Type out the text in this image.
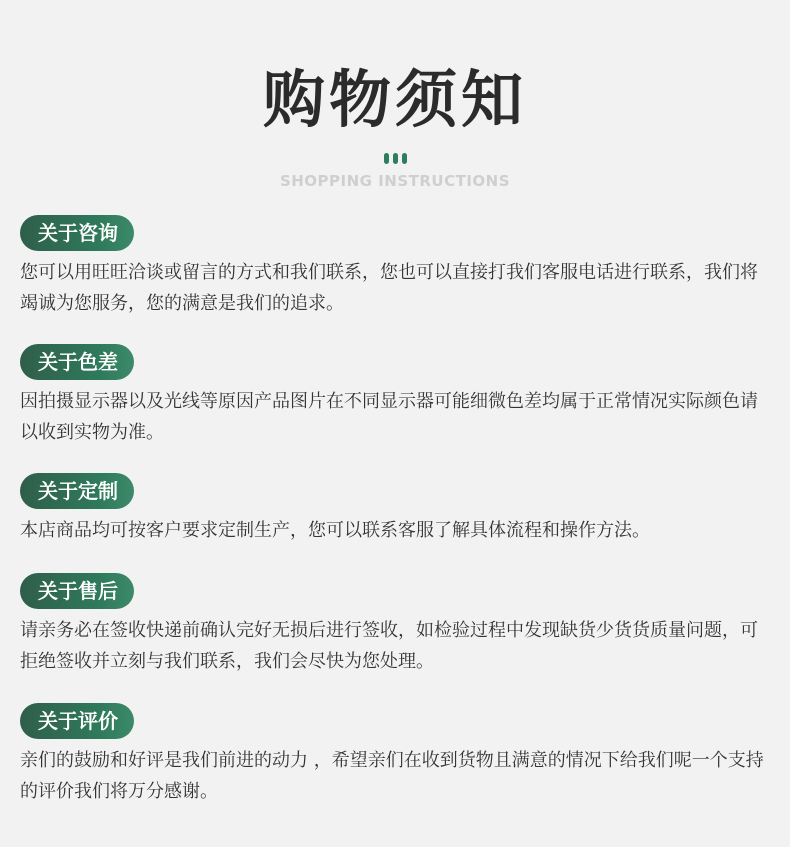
购物须知
SHOPPING INSTRUCTIONS
关于咨询
您可以用旺旺洽谈或留言的方式和我们联系，您也可以直接打我们客服电话进行联系，我们将竭诚为您服务，您的满意是我们的追求。
关于色差
因拍摄显示器以及光线等原因产品图片在不同显示器可能细微色差均属于正常情况实际颜色请以收到实物为准。
关于定制
本店商品均可按客户要求定制生产，您可以联系客服了解具体流程和操作方法。
关于售后
请亲务必在签收快递前确认完好无损后进行签收，如检验过程中发现缺货少货货质量问题，可拒绝签收并立刻与我们联系，我们会尽快为您处理。
关于评价
亲们的鼓励和好评是我们前进的动力 ，希望亲们在收到货物且满意的情况下给我们呢一个支持的评价我们将万分感谢。
